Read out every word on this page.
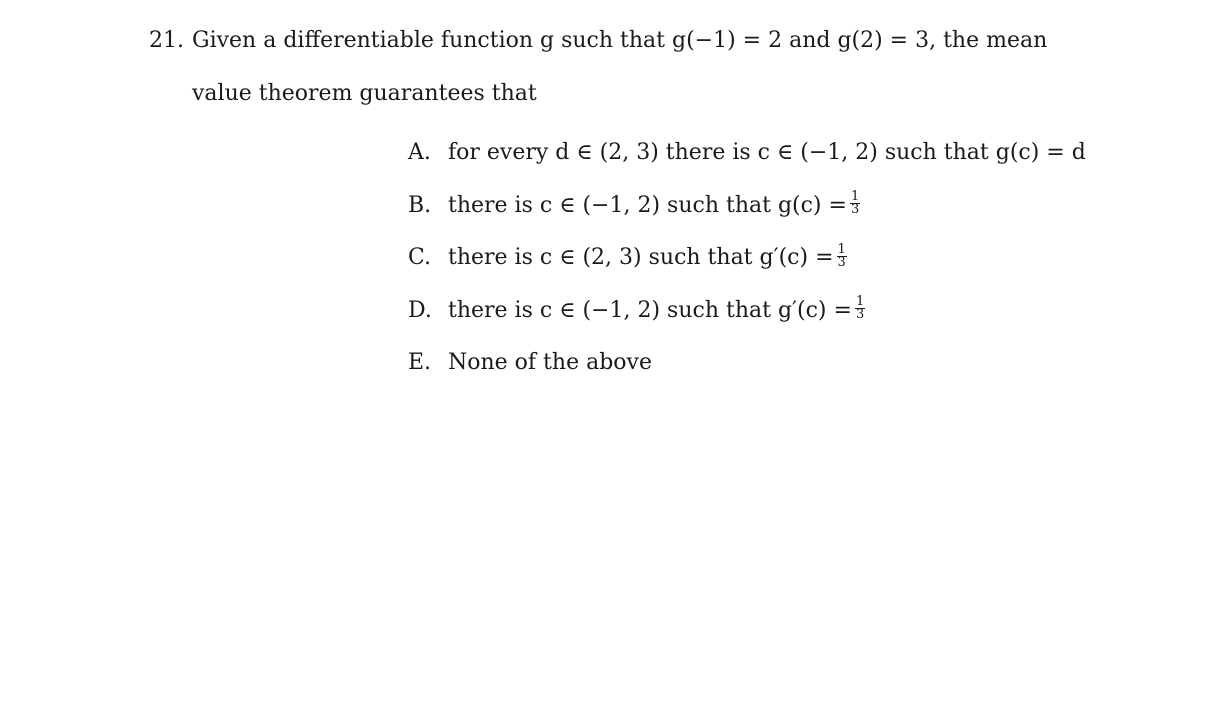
21. Given a differentiable function g such that g(−1) = 2 and g(2) = 3, the mean
value theorem guarantees that
A. for every d ∈ (2, 3) there is c ∈ (−1, 2) such that g(c) = d
B. there is c ∈ (−1, 2) such that $g(c) = \frac{1}{3}$
C. there is c ∈ (2, 3) such that $g'(c) = \frac{1}{3}$
D. there is c ∈ (−1, 2) such that $g'(c) = \frac{1}{3}$
E. None of the above
